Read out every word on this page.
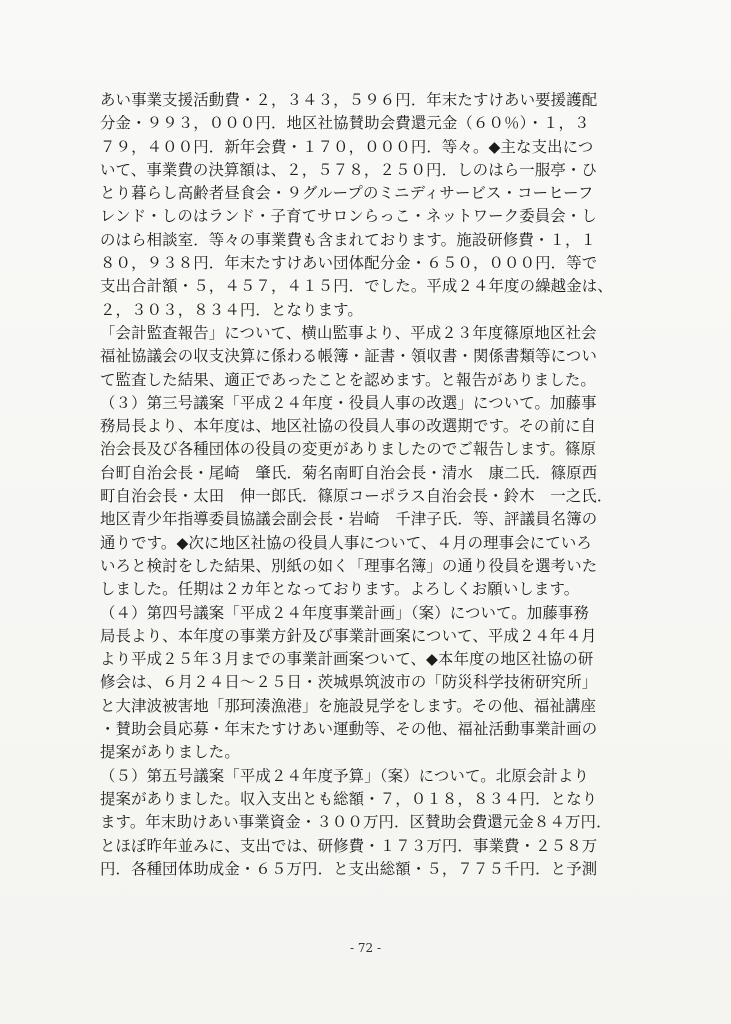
あい事業支援活動費・２，３４３，５９６円．年末たすけあい要援護配
分金・９９３，０００円．地区社協賛助会費還元金（６０％）・１，３
７９，４００円．新年会費・１７０，０００円．等々。◆主な支出につ
いて、事業費の決算額は、２，５７８，２５０円．しのはら一服亭・ひ
とり暮らし高齢者昼食会・９グループのミニディサービス・コーヒーフ
レンド・しのはランド・子育てサロンらっこ・ネットワーク委員会・し
のはら相談室．等々の事業費も含まれております。施設研修費・１，１
８０，９３８円．年末たすけあい団体配分金・６５０，０００円．等で
支出合計額・５，４５７，４１５円．でした。平成２４年度の繰越金は、
２，３０３，８３４円．となります。
「会計監査報告」について、横山監事より、平成２３年度篠原地区社会
福祉協議会の収支決算に係わる帳簿・証書・領収書・関係書類等につい
て監査した結果、適正であったことを認めます。と報告がありました。
（３）第三号議案「平成２４年度・役員人事の改選」について。加藤事
務局長より、本年度は、地区社協の役員人事の改選期です。その前に自
治会長及び各種団体の役員の変更がありましたのでご報告します。篠原
台町自治会長・尾崎　肇氏．菊名南町自治会長・清水　康二氏．篠原西
町自治会長・太田　伸一郎氏．篠原コーポラス自治会長・鈴木　一之氏．
地区青少年指導委員協議会副会長・岩崎　千津子氏．等、評議員名簿の
通りです。◆次に地区社協の役員人事について、４月の理事会にていろ
いろと検討をした結果、別紙の如く「理事名簿」の通り役員を選考いた
しました。任期は２カ年となっております。よろしくお願いします。
（４）第四号議案「平成２４年度事業計画」（案）について。加藤事務
局長より、本年度の事業方針及び事業計画案について、平成２４年４月
より平成２５年３月までの事業計画案ついて、◆本年度の地区社協の研
修会は、６月２４日～２５日・茨城県筑波市の「防災科学技術研究所」
と大津波被害地「那珂湊漁港」を施設見学をします。その他、福祉講座
・賛助会員応募・年末たすけあい運動等、その他、福祉活動事業計画の
提案がありました。
（５）第五号議案「平成２４年度予算」（案）について。北原会計より
提案がありました。収入支出とも総額・７，０１８，８３４円．となり
ます。年末助けあい事業資金・３００万円．区賛助会費還元金８４万円．
とほぼ昨年並みに、支出では、研修費・１７３万円．事業費・２５８万
円．各種団体助成金・６５万円．と支出総額・５，７７５千円．と予測
- 72 -
